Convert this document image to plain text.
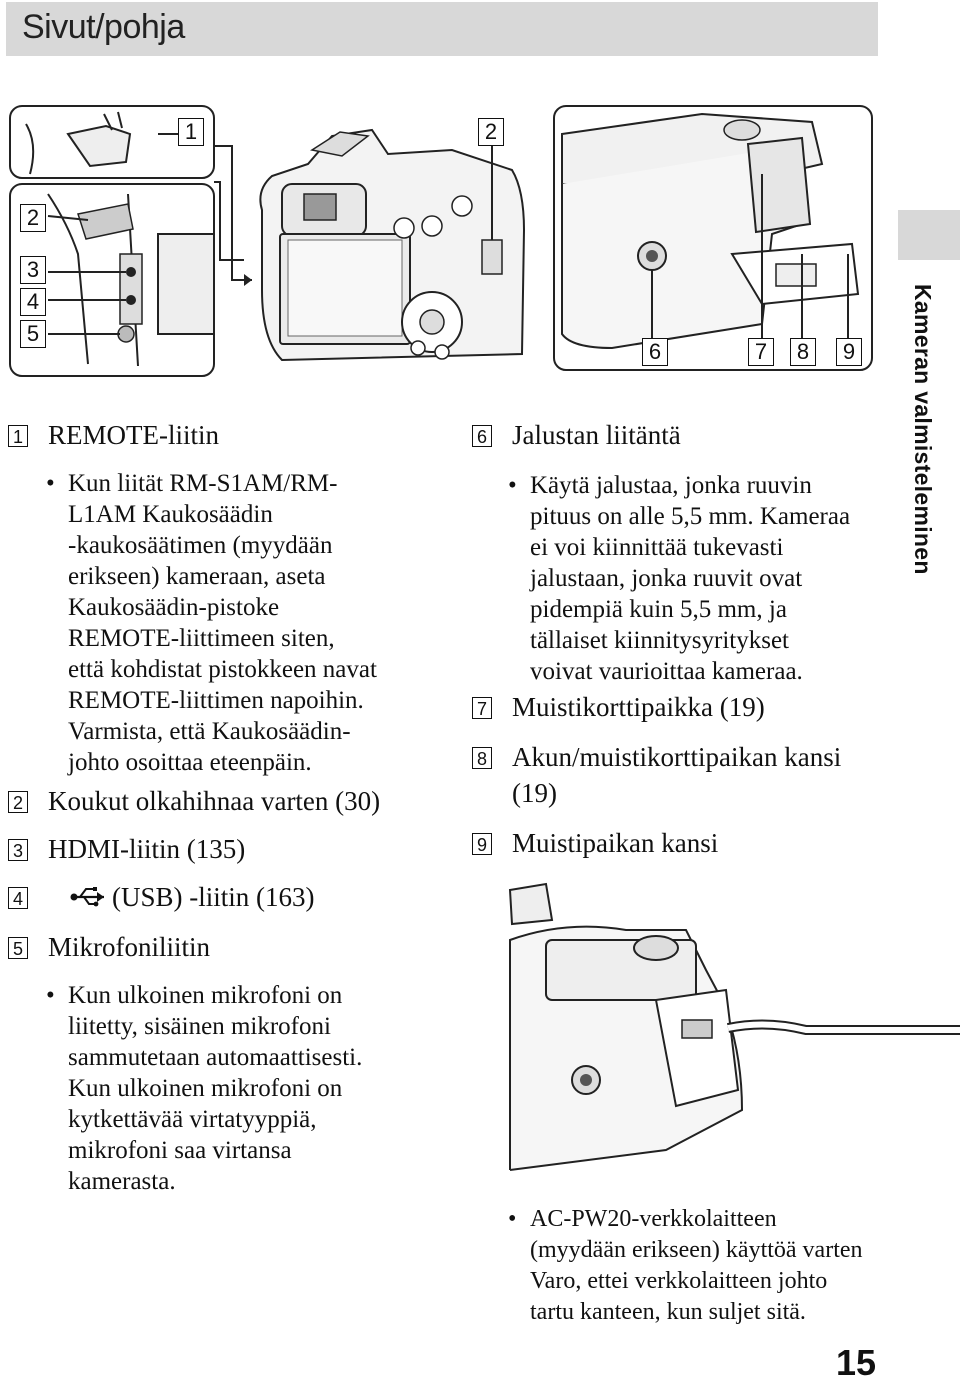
Sivut/pohja
Kameran valmisteleminen
1
2
3
4
5
2
6	7	8	9
1 REMOTE-liitin
• Kun liität RM-S1AM/RM-
L1AM Kaukosäädin
-kaukosäätimen (myydään
erikseen) kameraan, aseta
Kaukosäädin-pistoke
REMOTE-liittimeen siten,
että kohdistat pistokkeen navat
REMOTE-liittimen napoihin.
Varmista, että Kaukosäädin-
johto osoittaa eteenpäin.
2 Koukut olkahihnaa varten (30)
3 HDMI-liitin (135)
4	(USB) -liitin (163)
5 Mikrofoniliitin
• Kun ulkoinen mikrofoni on
liitetty, sisäinen mikrofoni
sammutetaan automaattisesti.
Kun ulkoinen mikrofoni on
kytkettävää virtatyyppiä,
mikrofoni saa virtansa
kamerasta.
6 Jalustan liitäntä
• Käytä jalustaa, jonka ruuvin
pituus on alle 5,5 mm. Kameraa
ei voi kiinnittää tukevasti
jalustaan, jonka ruuvit ovat
pidempiä kuin 5,5 mm, ja
tällaiset kiinnitysyritykset
voivat vaurioittaa kameraa.
7 Muistikorttipaikka (19)
8 Akun/muistikorttipaikan kansi
(19)
9 Muistipaikan kansi
• AC-PW20-verkkolaitteen
(myydään erikseen) käyttöä varten
Varo, ettei verkkolaitteen johto
tartu kanteen, kun suljet sitä.
15
